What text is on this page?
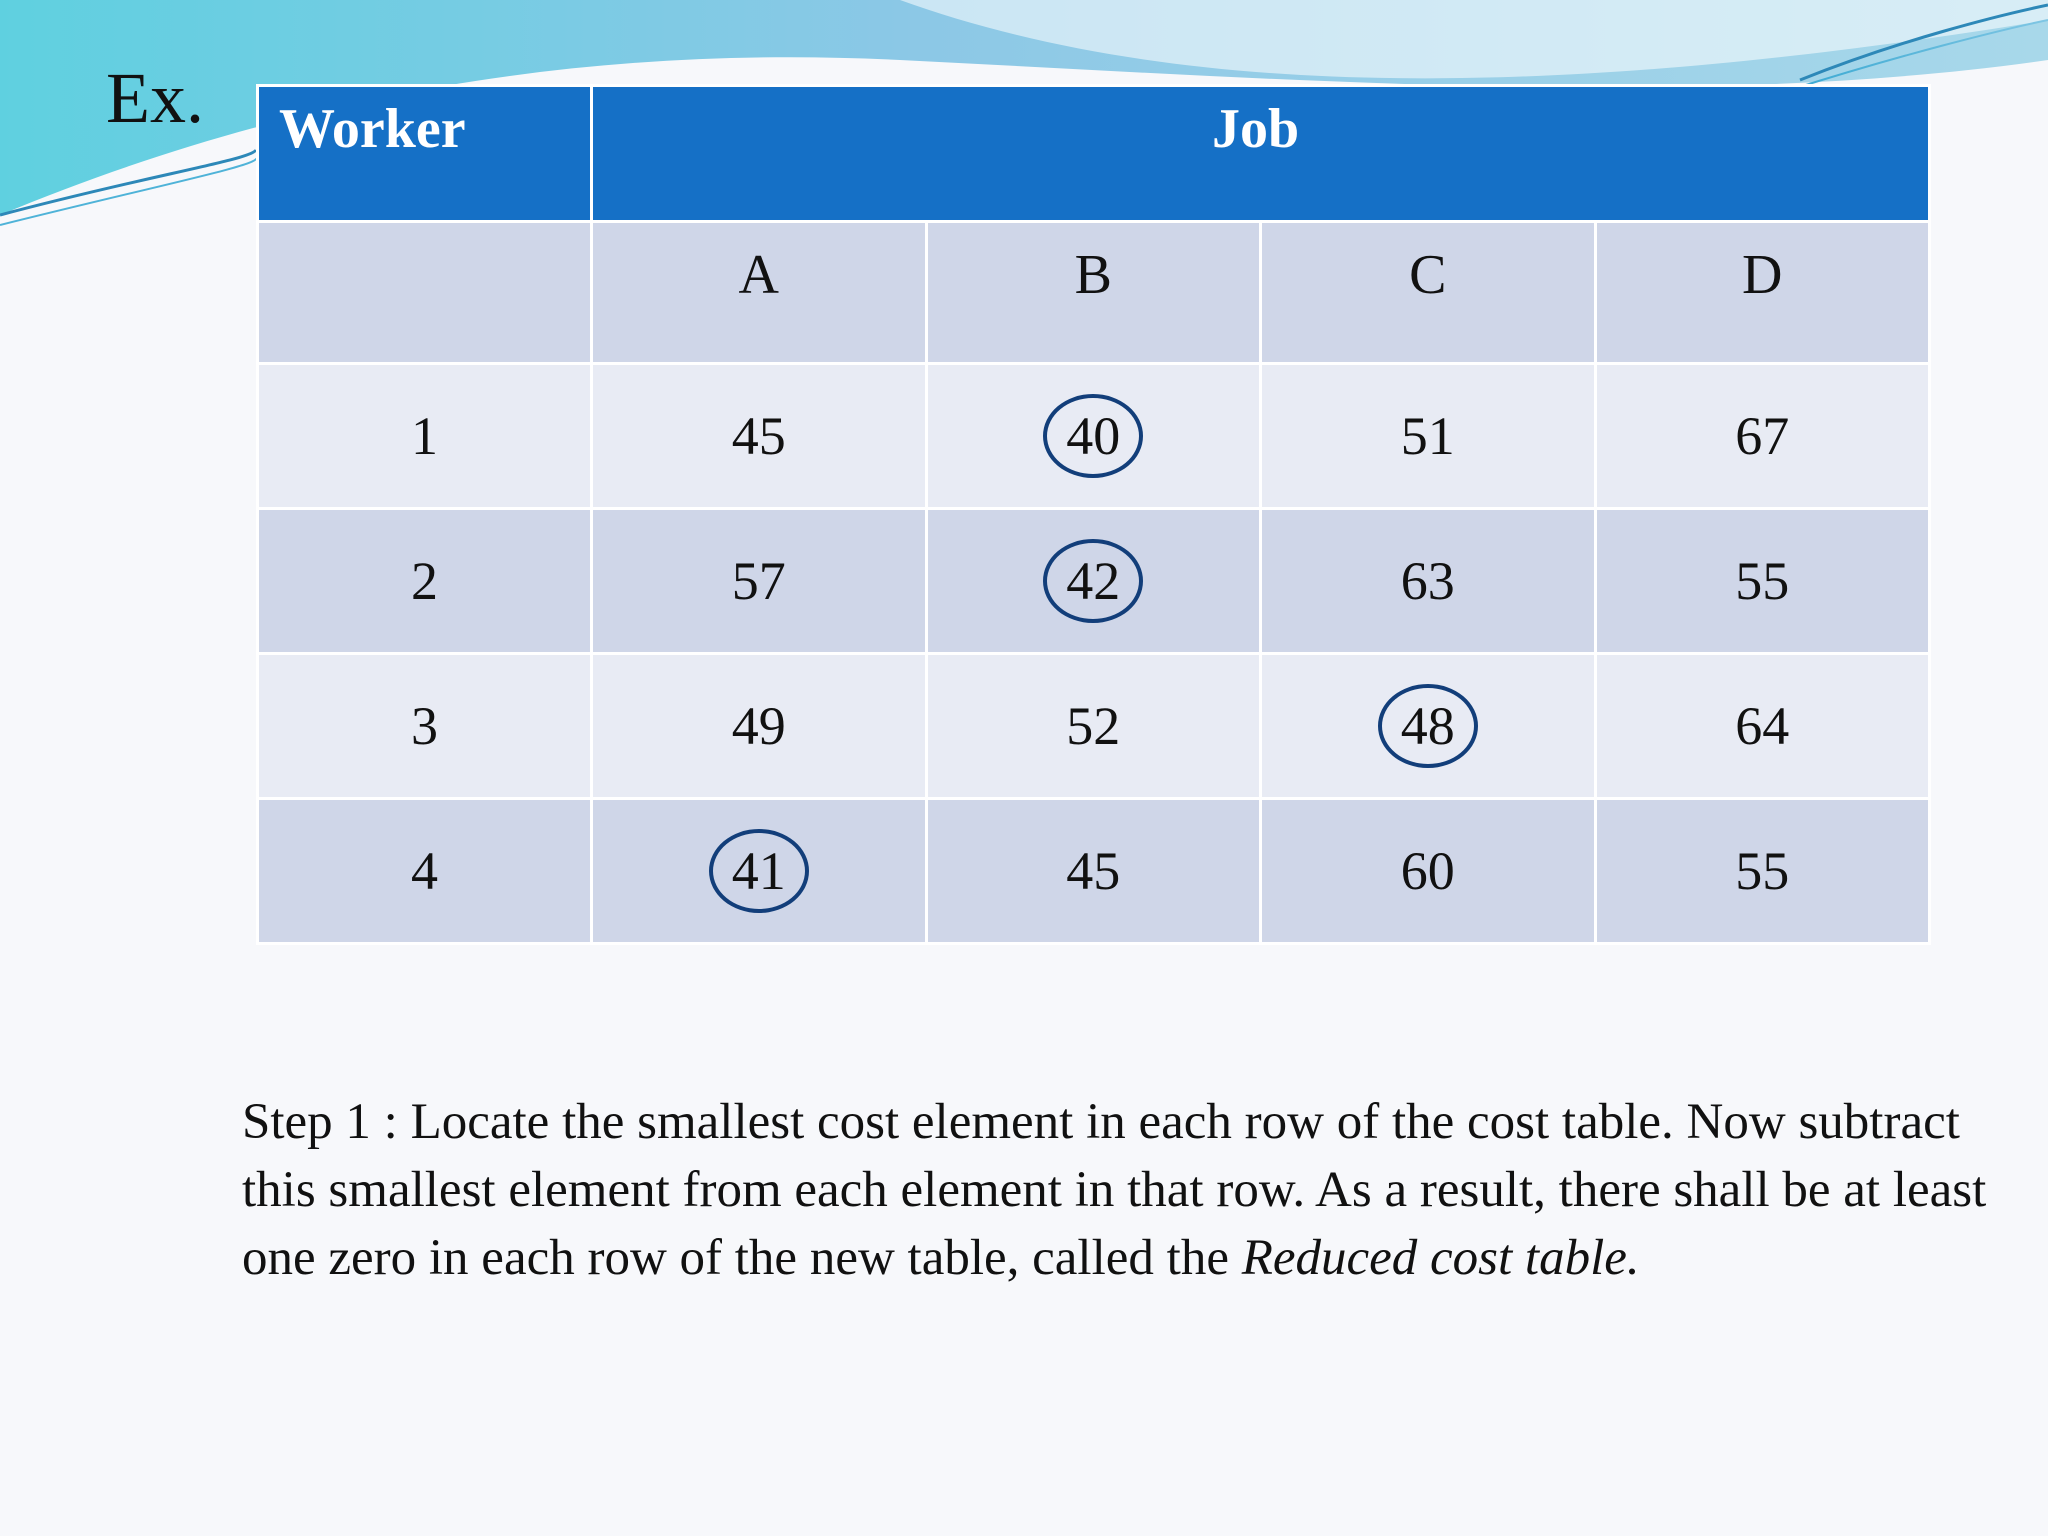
Ex. Worker	Job			
	A	B	C	D
1	45	40	51	67
2	57	42	63	55
3	49	52	48	64
4	41	45	60	55
Step 1 : Locate the smallest cost element in each row of the cost table. Now subtract this smallest element from each element in that row. As a result, there shall be at least one zero in each row of the new table, called the Reduced cost table.
